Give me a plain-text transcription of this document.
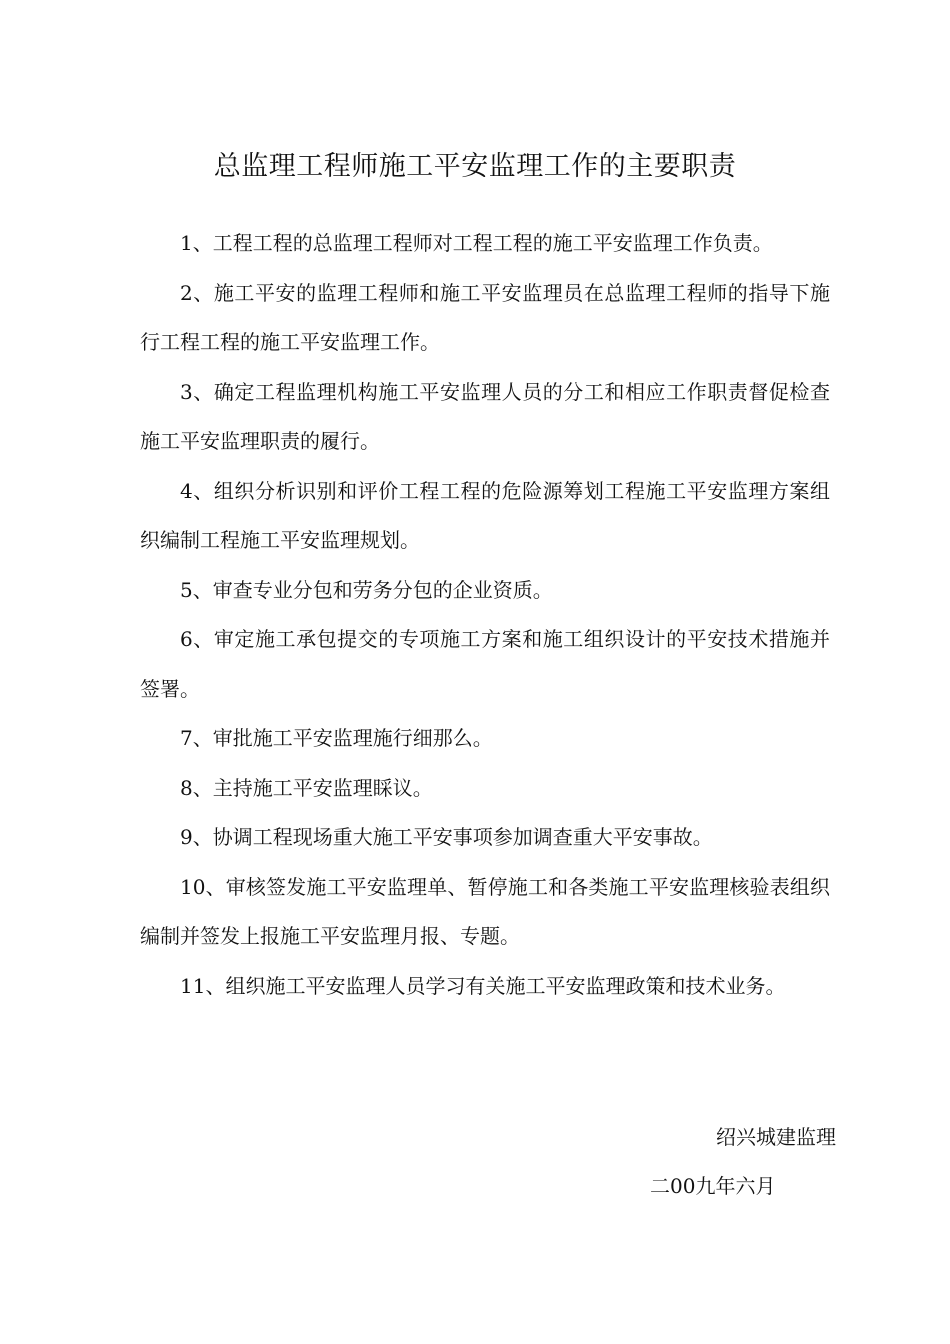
总监理工程师施工平安监理工作的主要职责

1、工程工程的总监理工程师对工程工程的施工平安监理工作负责。

2、施工平安的监理工程师和施工平安监理员在总监理工程师的指导下施行工程工程的施工平安监理工作。

3、确定工程监理机构施工平安监理人员的分工和相应工作职责督促检查施工平安监理职责的履行。

4、组织分析识别和评价工程工程的危险源筹划工程施工平安监理方案组织编制工程施工平安监理规划。

5、审查专业分包和劳务分包的企业资质。

6、审定施工承包提交的专项施工方案和施工组织设计的平安技术措施并签署。

7、审批施工平安监理施行细那么。

8、主持施工平安监理睬议。

9、协调工程现场重大施工平安事项参加调查重大平安事故。

10、审核签发施工平安监理单、暂停施工和各类施工平安监理核验表组织编制并签发上报施工平安监理月报、专题。

11、组织施工平安监理人员学习有关施工平安监理政策和技术业务。

绍兴城建监理
二00九年六月
